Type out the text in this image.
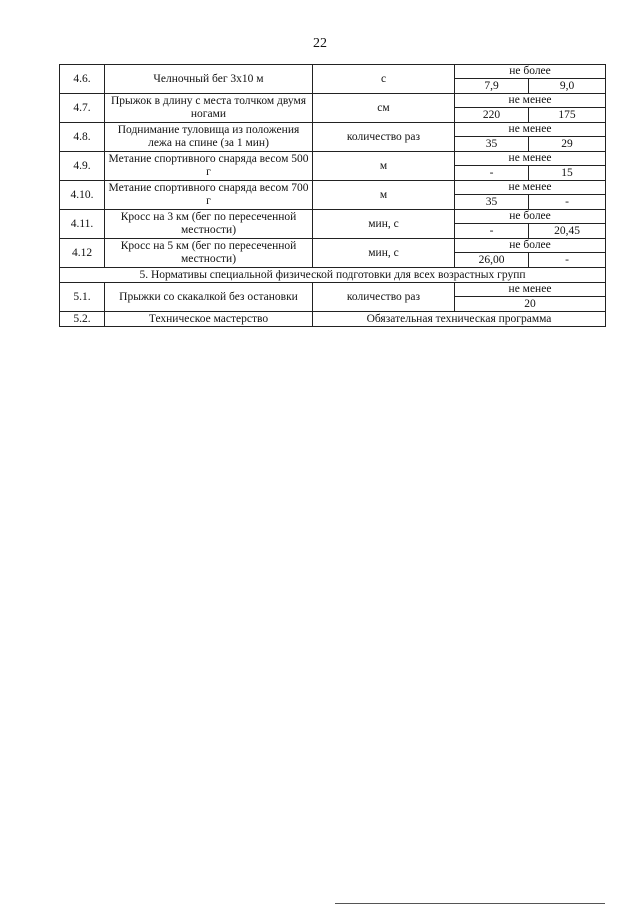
22
4.6.	Челночный бег 3х10 м	с	не более	
			7,9	9,0
4.7.	Прыжок в длину с места толчком двумя ногами	см	не менее	
			220	175
4.8.	Поднимание туловища из положения лежа на спине (за 1 мин)	количество раз	не менее	
			35	29
4.9.	Метание спортивного снаряда весом 500 г	м	не менее	
			-	15
4.10.	Метание спортивного снаряда весом 700 г	м	не менее	
			35	-
4.11.	Кросс на 3 км (бег по пересеченной местности)	мин, с	не более	
			-	20,45
4.12	Кросс на 5 км (бег по пересеченной местности)	мин, с	не более	
			26,00	-
5. Нормативы специальной физической подготовки для всех возрастных групп				
5.1.	Прыжки со скакалкой без остановки	количество раз	не менее	
			20	
5.2.	Техническое мастерство	Обязательная техническая программа		
